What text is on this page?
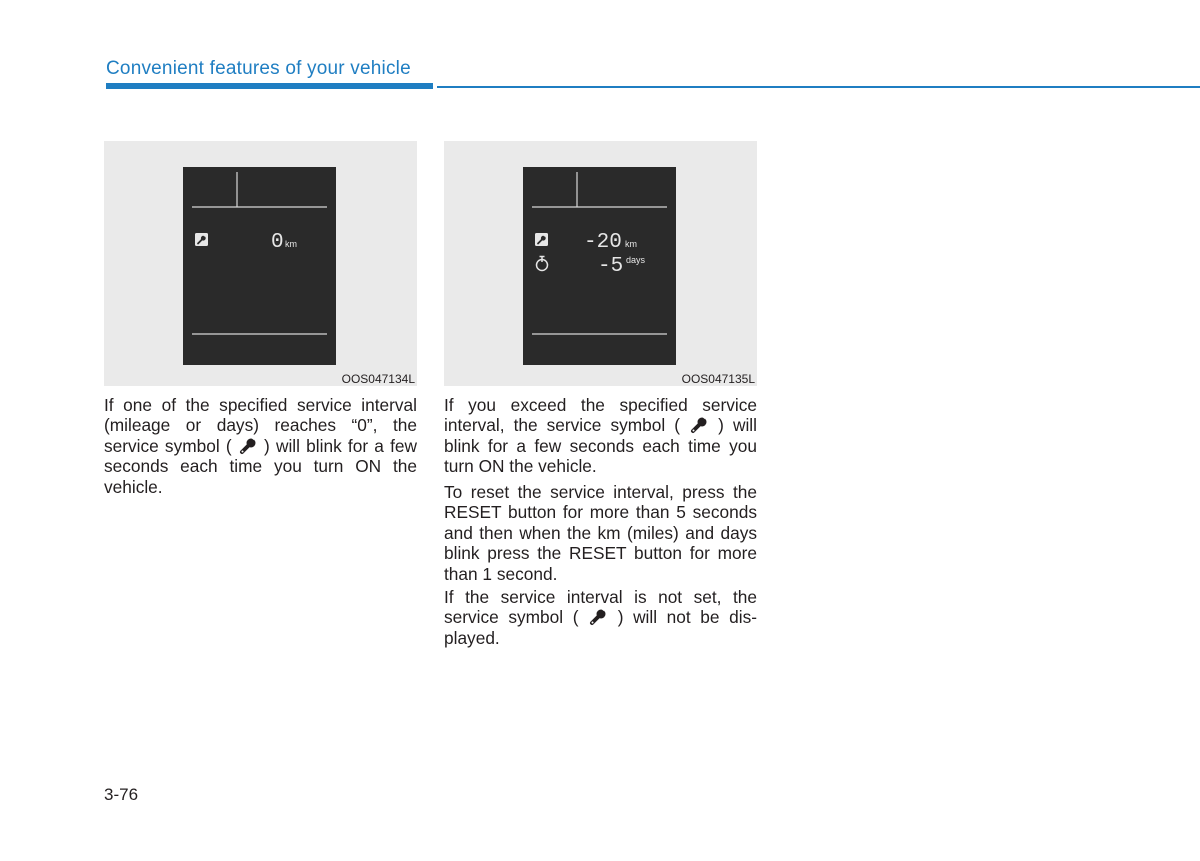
Convenient features of your vehicle
0 km
OOS047134L
-20 km
-5 days
OOS047135L

If one of the specified service interval (mileage or days) reaches “0”, the service symbol ( ) will blink for a few seconds each time you turn ON the vehicle.

If you exceed the specified service interval, the service symbol ( ) will blink for a few seconds each time you turn ON the vehicle.

To reset the service interval, press the RESET button for more than 5 seconds and then when the km (miles) and days blink press the RESET button for more than 1 second.

If the service interval is not set, the service symbol ( ) will not be displayed.

3-76
